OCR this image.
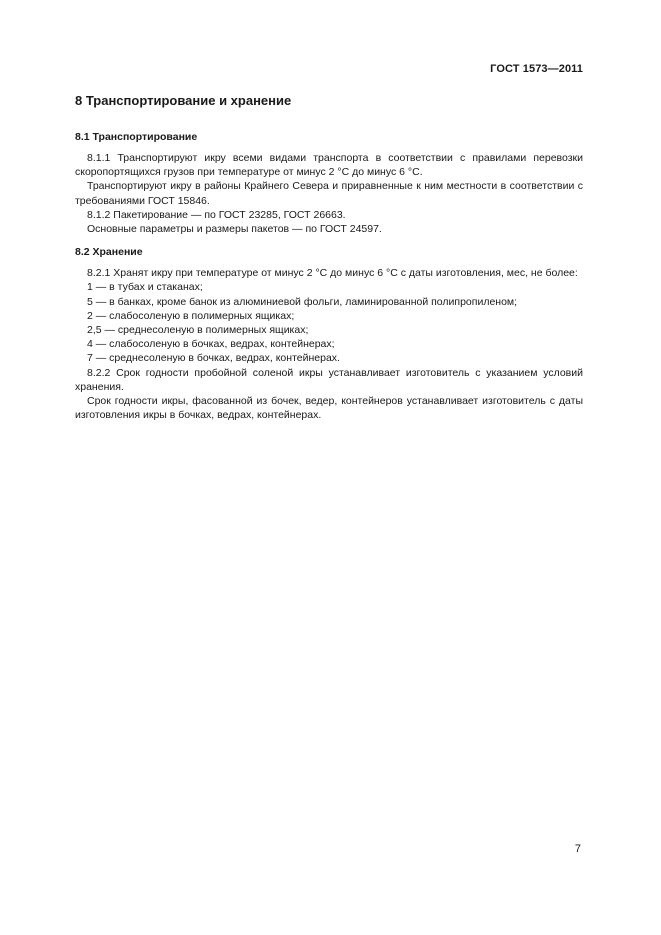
ГОСТ 1573—2011
8 Транспортирование и хранение
8.1 Транспортирование

8.1.1 Транспортируют икру всеми видами транспорта в соответствии с правилами перевозки скоропортящихся грузов при температуре от минус 2 °С до минус 6 °С.

Транспортируют икру в районы Крайнего Севера и приравненные к ним местности в соответствии с требованиями ГОСТ 15846.

8.1.2 Пакетирование — по ГОСТ 23285, ГОСТ 26663.

Основные параметры и размеры пакетов — по ГОСТ 24597.

8.2 Хранение

8.2.1 Хранят икру при температуре от минус 2 °С до минус 6 °С с даты изготовления, мес, не более:

1 — в тубах и стаканах;

5 — в банках, кроме банок из алюминиевой фольги, ламинированной полипропиленом;

2 — слабосоленую в полимерных ящиках;

2,5 — среднесоленую в полимерных ящиках;

4 — слабосоленую в бочках, ведрах, контейнерах;

7 — среднесоленую в бочках, ведрах, контейнерах.

8.2.2 Срок годности пробойной соленой икры устанавливает изготовитель с указанием условий хранения.

Срок годности икры, фасованной из бочек, ведер, контейнеров устанавливает изготовитель с даты изготовления икры в бочках, ведрах, контейнерах.

7
